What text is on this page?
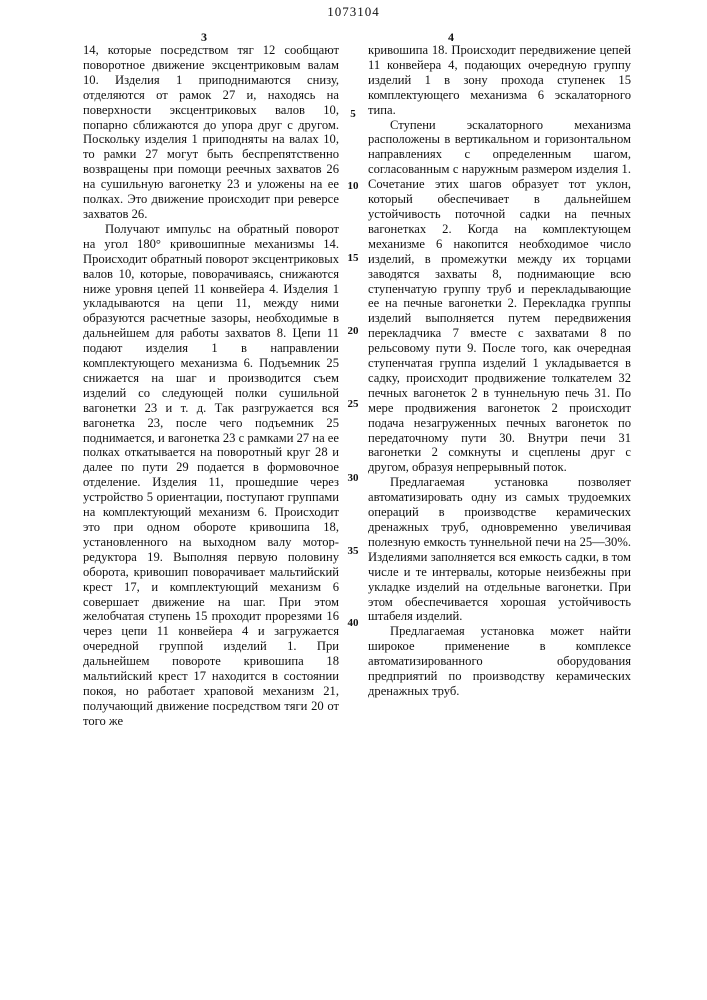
1073104
3	4

14, которые посредством тяг 12 сообщают поворотное движение эксцентриковым валам 10. Изделия 1 приподнимаются снизу, отделяются от рамок 27 и, находясь на поверхности эксцентриковых валов 10, попарно сближаются до упора друг с другом. Поскольку изделия 1 приподняты на валах 10, то рамки 27 могут быть беспрепятственно возвращены при помощи реечных захватов 26 на сушильную вагонетку 23 и уложены на ее полках. Это движение происходит при реверсе захватов 26.

Получают импульс на обратный поворот на угол 180° кривошипные механизмы 14. Происходит обратный поворот эксцентриковых валов 10, которые, поворачиваясь, снижаются ниже уровня цепей 11 конвейера 4. Изделия 1 укладываются на цепи 11, между ними образуются расчетные зазоры, необходимые в дальнейшем для работы захватов 8. Цепи 11 подают изделия 1 в направлении комплектующего механизма 6. Подъемник 25 снижается на шаг и производится съем изделий со следующей полки сушильной вагонетки 23 и т. д. Так разгружается вся вагонетка 23, после чего подъемник 25 поднимается, и вагонетка 23 с рамками 27 на ее полках откатывается на поворотный круг 28 и далее по пути 29 подается в формовочное отделение. Изделия 11, прошедшие через устройство 5 ориентации, поступают группами на комплектующий механизм 6. Происходит это при одном обороте кривошипа 18, установленного на выходном валу мотор-редуктора 19. Выполняя первую половину оборота, кривошип поворачивает мальтийский крест 17, и комплектующий механизм 6 совершает движение на шаг. При этом желобчатая ступень 15 проходит прорезями 16 через цепи 11 конвейера 4 и загружается очередной группой изделий 1. При дальнейшем повороте кривошипа 18 мальтийский крест 17 находится в состоянии покоя, но работает храповой механизм 21, получающий движение посредством тяги 20 от того же

кривошипа 18. Происходит передвижение цепей 11 конвейера 4, подающих очередную группу изделий 1 в зону прохода ступенек 15 комплектующего механизма 6 эскалаторного типа.

Ступени эскалаторного механизма расположены в вертикальном и горизонтальном направлениях с определенным шагом, согласованным с наружным размером изделия 1. Сочетание этих шагов образует тот уклон, который обеспечивает в дальнейшем устойчивость поточной садки на печных вагонетках 2. Когда на комплектующем механизме 6 накопится необходимое число изделий, в промежутки между их торцами заводятся захваты 8, поднимающие всю ступенчатую группу труб и перекладывающие ее на печные вагонетки 2. Перекладка группы изделий выполняется путем передвижения перекладчика 7 вместе с захватами 8 по рельсовому пути 9. После того, как очередная ступенчатая группа изделий 1 укладывается в садку, происходит продвижение толкателем 32 печных вагонеток 2 в туннельную печь 31. По мере продвижения вагонеток 2 происходит подача незагруженных печных вагонеток по передаточному пути 30. Внутри печи 31 вагонетки 2 сомкнуты и сцеплены друг с другом, образуя непрерывный поток.

Предлагаемая установка позволяет автоматизировать одну из самых трудоемких операций в производстве керамических дренажных труб, одновременно увеличивая полезную емкость туннельной печи на 25—30%. Изделиями заполняется вся емкость садки, в том числе и те интервалы, которые неизбежны при укладке изделий на отдельные вагонетки. При этом обеспечивается хорошая устойчивость штабеля изделий.

Предлагаемая установка может найти широкое применение в комплексе автоматизированного оборудования предприятий по производству керамических дренажных труб.

5
10
15
20
25
30
35
40
